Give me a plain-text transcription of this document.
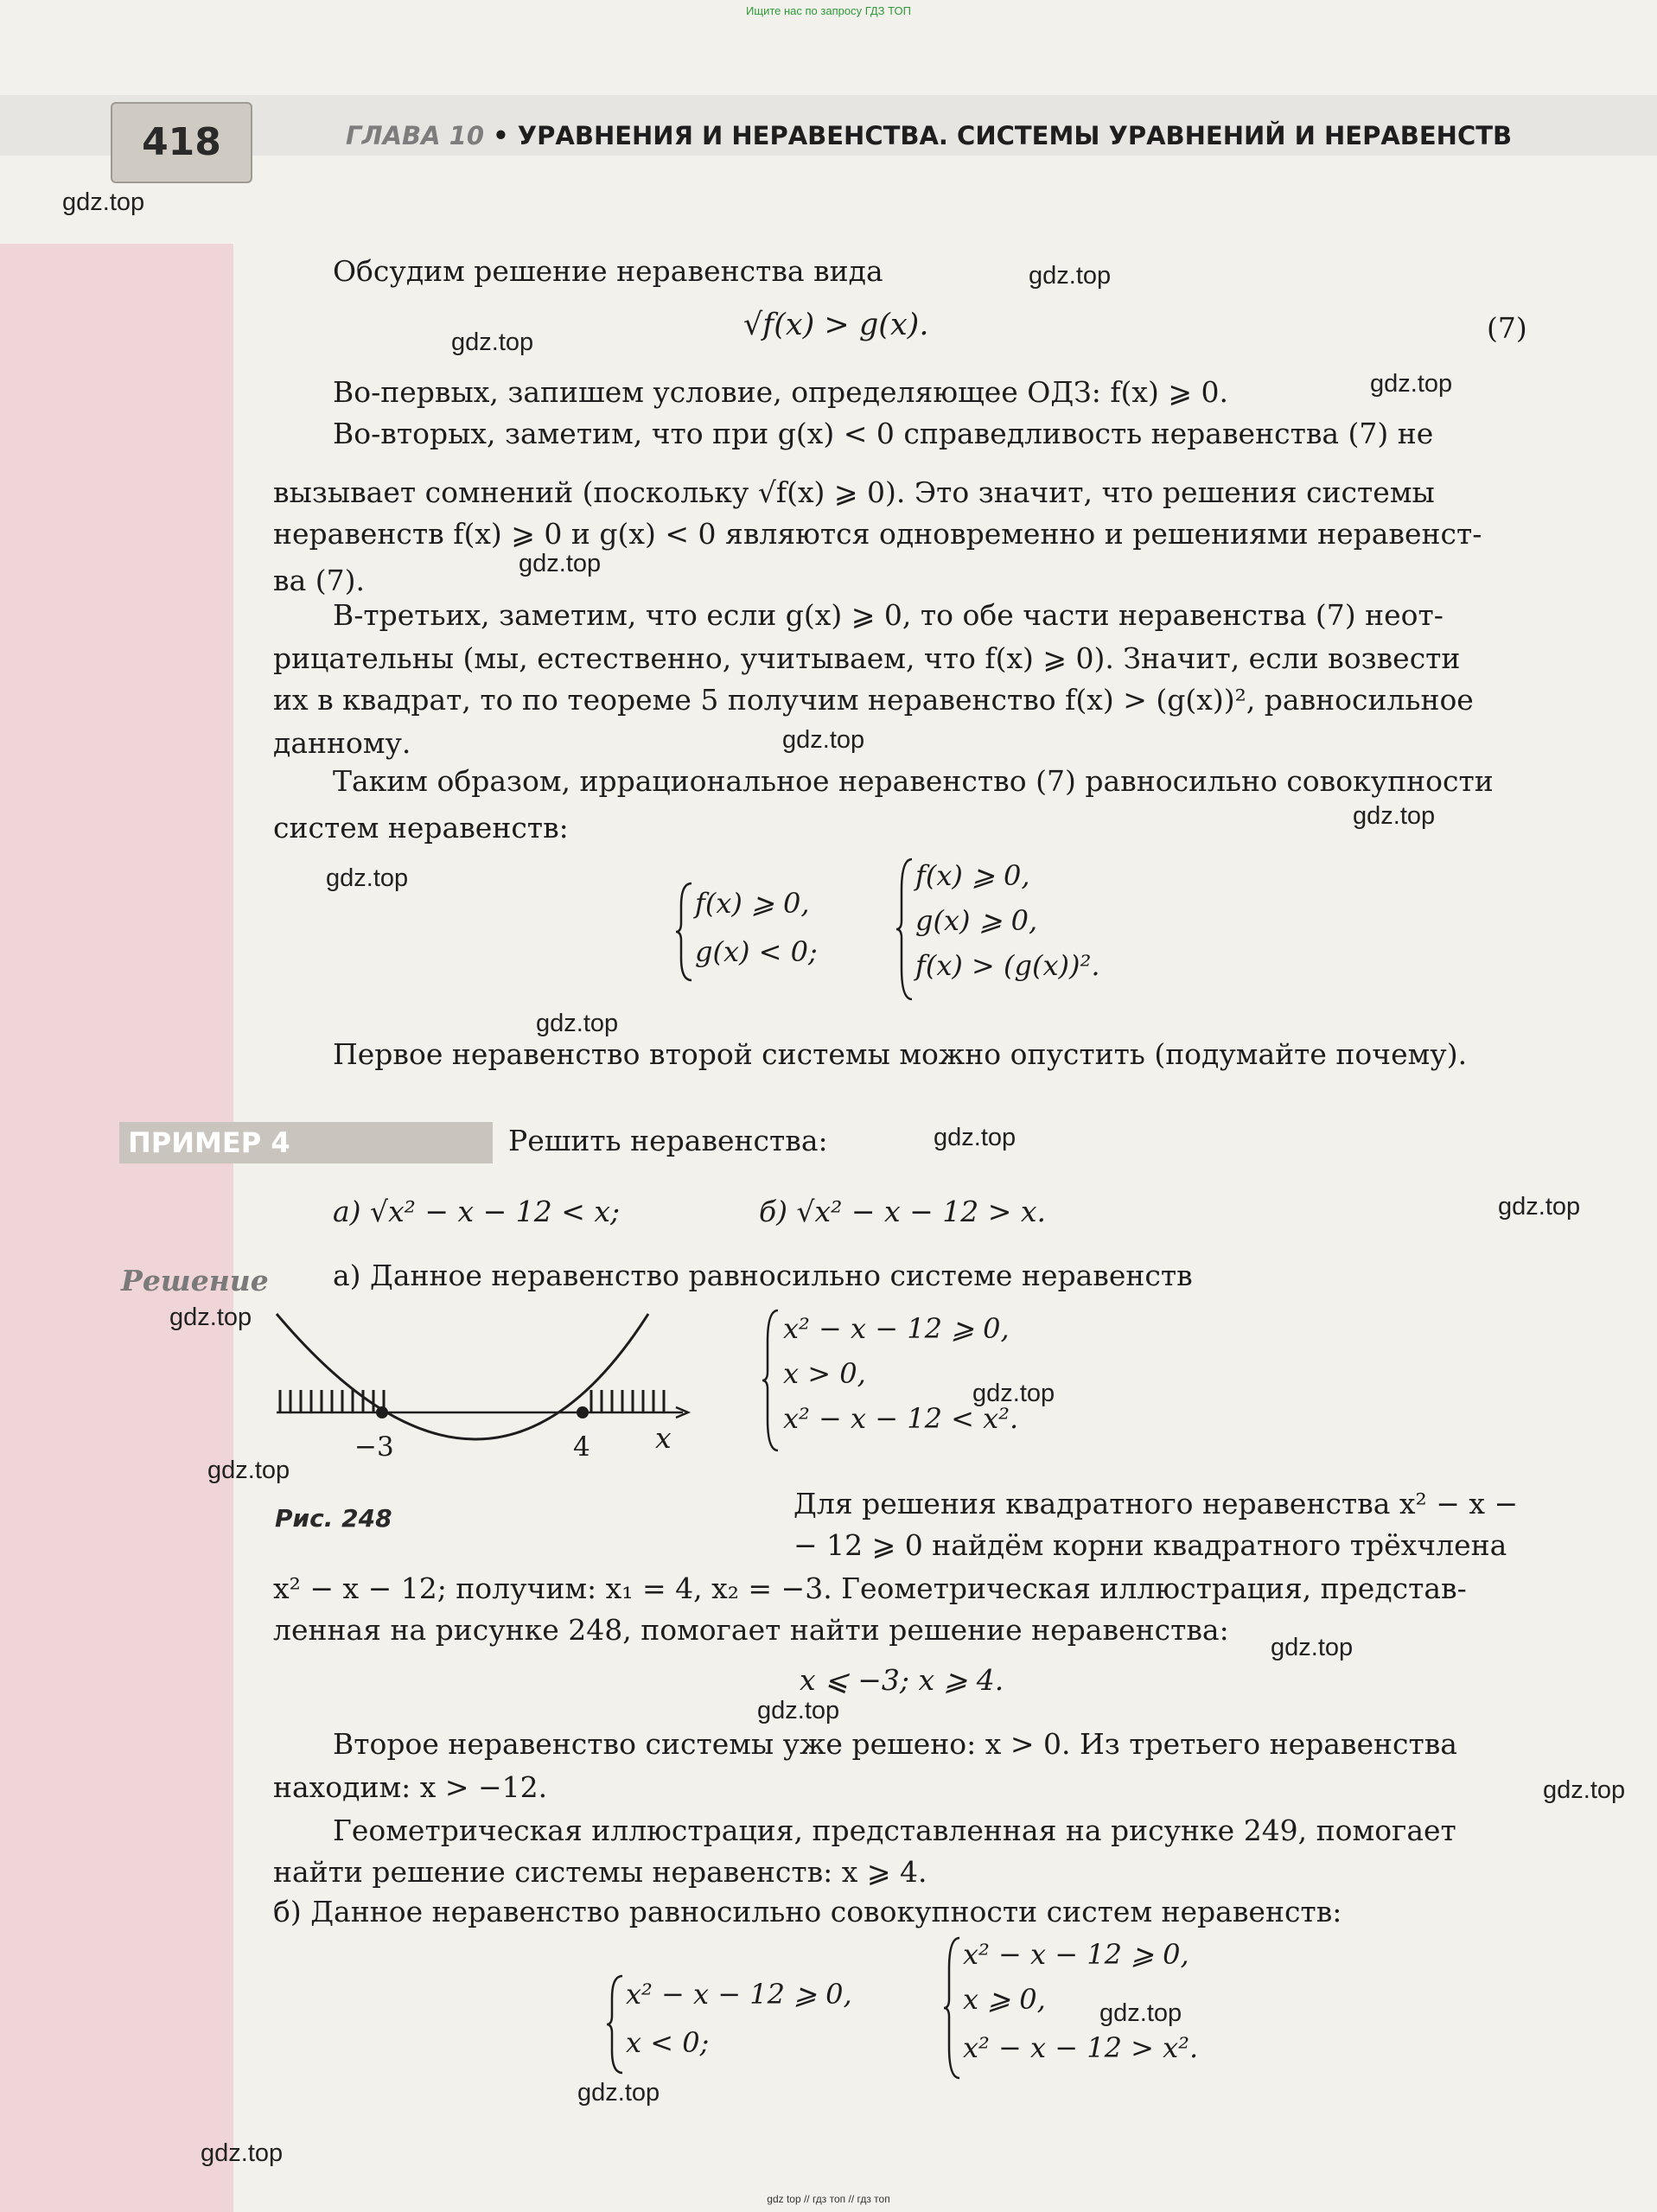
Ищите нас по запросу ГДЗ ТОП
418	ГЛАВА 10 • УРАВНЕНИЯ И НЕРАВЕНСТВА. СИСТЕМЫ УРАВНЕНИЙ И НЕРАВЕНСТВ
Обсудим решение неравенства вида
√f(x) > g(x).	(7)
Во-первых, запишем условие, определяющее ОДЗ: f(x) ⩾ 0.
Во-вторых, заметим, что при g(x) < 0 справедливость неравенства (7) не
вызывает сомнений (поскольку √f(x) ⩾ 0). Это значит, что решения системы
неравенств f(x) ⩾ 0 и g(x) < 0 являются одновременно и решениями неравенст-
ва (7).
В-третьих, заметим, что если g(x) ⩾ 0, то обе части неравенства (7) неот-
рицательны (мы, естественно, учитываем, что f(x) ⩾ 0). Значит, если возвести
их в квадрат, то по теореме 5 получим неравенство f(x) > (g(x))², равносильное
данному.
Таким образом, иррациональное неравенство (7) равносильно совокупности
систем неравенств:
f(x) ⩾ 0,
g(x) < 0;
f(x) ⩾ 0,
g(x) ⩾ 0,
f(x) > (g(x))².
Первое неравенство второй системы можно опустить (подумайте почему).
ПРИМЕР 4	Решить неравенства:
а) √x² − x − 12 < x;	б) √x² − x − 12 > x.
Решение а) Данное неравенство равносильно системе неравенств
−3	4 x
Рис. 248
x² − x − 12 ⩾ 0,
x > 0,
x² − x − 12 < x².
Для решения квадратного неравенства x² − x −
− 12 ⩾ 0 найдём корни квадратного трёхчлена
x² − x − 12; получим: x₁ = 4, x₂ = −3. Геометрическая иллюстрация, представ-
ленная на рисунке 248, помогает найти решение неравенства:
x ⩽ −3; x ⩾ 4.
Второе неравенство системы уже решено: x > 0. Из третьего неравенства
находим: x > −12.
Геометрическая иллюстрация, представленная на рисунке 249, помогает
найти решение системы неравенств: x ⩾ 4.
б) Данное неравенство равносильно совокупности систем неравенств:
x² − x − 12 ⩾ 0,
x < 0;
x² − x − 12 ⩾ 0,
x ⩾ 0,
x² − x − 12 > x².
gdz.top
gdz.top
gdz.top
gdz.top
gdz.top
gdz.top
gdz.top
gdz.top
gdz.top
gdz.top
gdz.top
gdz.top
gdz.top
gdz.top
gdz.top
gdz.top
gdz.top
gdz.top
gdz.top
gdz.top
gdz top // гдз топ // гдз топ
